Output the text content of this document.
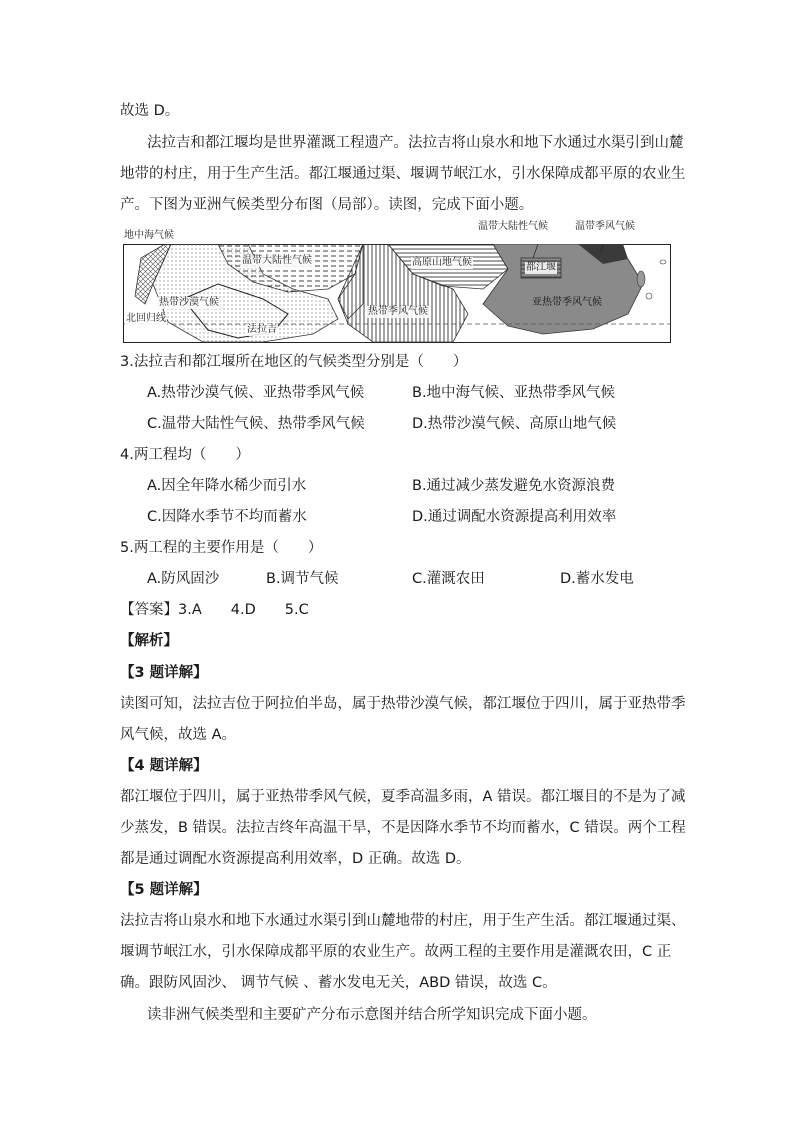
故选 D。
法拉吉和都江堰均是世界灌溉工程遗产。法拉吉将山泉水和地下水通过水渠引到山麓
地带的村庄，用于生产生活。都江堰通过渠、堰调节岷江水，引水保障成都平原的农业生
产。下图为亚洲气候类型分布图（局部）。读图，完成下面小题。
温带大陆性气候	温带季风气候
地中海气候
温带大陆性气候	高原山地气候	都江堰
亚热带季风气候
热带沙漠气候
热带季风气候
北回归线
法拉吉
3.法拉吉和都江堰所在地区的气候类型分别是（　　）
A.热带沙漠气候、亚热带季风气候	B.地中海气候、亚热带季风气候
C.温带大陆性气候、热带季风气候	D.热带沙漠气候、高原山地气候
4.两工程均（　　）
A.因全年降水稀少而引水	B.通过减少蒸发避免水资源浪费
C.因降水季节不均而蓄水	D.通过调配水资源提高利用效率
5.两工程的主要作用是（　　）
A.防风固沙	B.调节气候	C.灌溉农田	D.蓄水发电
【答案】3.A　　4.D　　5.C
【解析】
【3 题详解】
读图可知，法拉吉位于阿拉伯半岛，属于热带沙漠气候，都江堰位于四川，属于亚热带季
风气候，故选 A。
【4 题详解】
都江堰位于四川，属于亚热带季风气候，夏季高温多雨，A 错误。都江堰目的不是为了减
少蒸发，B 错误。法拉吉终年高温干旱，不是因降水季节不均而蓄水，C 错误。两个工程
都是通过调配水资源提高利用效率，D 正确。故选 D。
【5 题详解】
法拉吉将山泉水和地下水通过水渠引到山麓地带的村庄，用于生产生活。都江堰通过渠、
堰调节岷江水，引水保障成都平原的农业生产。故两工程的主要作用是灌溉农田，C 正
确。跟防风固沙、 调节气候 、蓄水发电无关，ABD 错误，故选 C。
读非洲气候类型和主要矿产分布示意图并结合所学知识完成下面小题。
